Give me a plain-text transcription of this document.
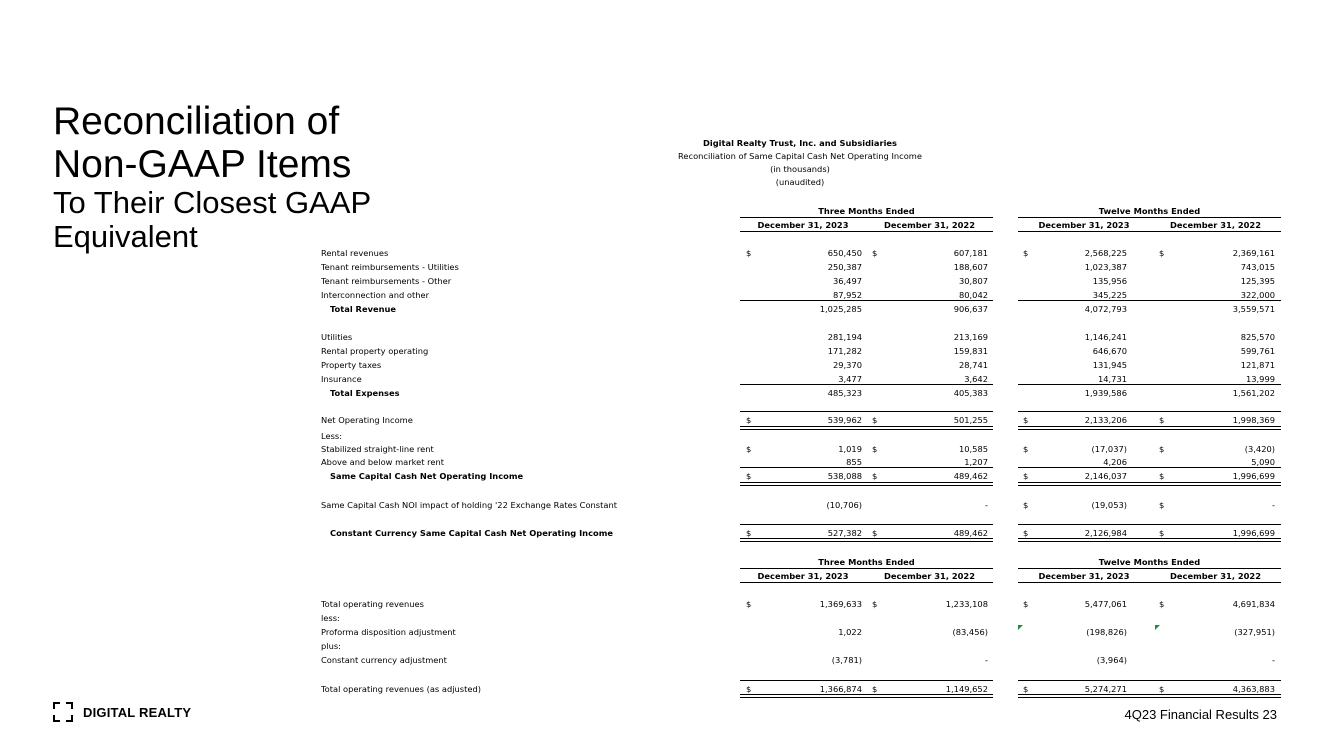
Reconciliation of
Non-GAAP Items
To Their Closest GAAP
Equivalent
Digital Realty Trust, Inc. and Subsidiaries
Reconciliation of Same Capital Cash Net Operating Income
(in thousands)
(unaudited)
Three Months Ended	Twelve Months Ended
December 31, 2023	December 31, 2022	December 31, 2023	December 31, 2022
Three Months Ended	Twelve Months Ended
December 31, 2023	December 31, 2022	December 31, 2023	December 31, 2022
Rental revenues	650,450	607,181	2,568,225	2,369,161
$	$	$	$
Tenant reimbursements - Utilities	250,387	188,607	1,023,387	743,015
Tenant reimbursements - Other	36,497	30,807	135,956	125,395
Interconnection and other	87,952	80,042	345,225	322,000
Total Revenue	1,025,285	906,637	4,072,793	3,559,571
Utilities	281,194	213,169	1,146,241	825,570
Rental property operating	171,282	159,831	646,670	599,761
Property taxes	29,370	28,741	131,945	121,871
Insurance	3,477	3,642	14,731	13,999
Total Expenses	485,323	405,383	1,939,586	1,561,202
Net Operating Income	539,962	501,255	2,133,206	1,998,369
$	$	$	$
Less:
Stabilized straight-line rent	1,019	10,585	(17,037)	(3,420)
$	$	$	$
Above and below market rent	855	1,207	4,206	5,090
Same Capital Cash Net Operating Income	538,088	489,462	2,146,037	1,996,699
$	$	$	$
Same Capital Cash NOI impact of holding '22 Exchange Rates Constant	(10,706)	-	(19,053)	-
$	$
Constant Currency Same Capital Cash Net Operating Income	527,382	489,462	2,126,984	1,996,699
$	$	$	$
Total operating revenues	1,369,633	1,233,108	5,477,061	4,691,834
$	$	$	$
less:
Proforma disposition adjustment	1,022	(83,456)	(198,826)	(327,951)
plus:
Constant currency adjustment	(3,781)	-	(3,964)	-
Total operating revenues (as adjusted)	1,366,874	1,149,652	5,274,271	4,363,883
$	$	$	$
DIGITAL REALTY	4Q23 Financial Results 23
